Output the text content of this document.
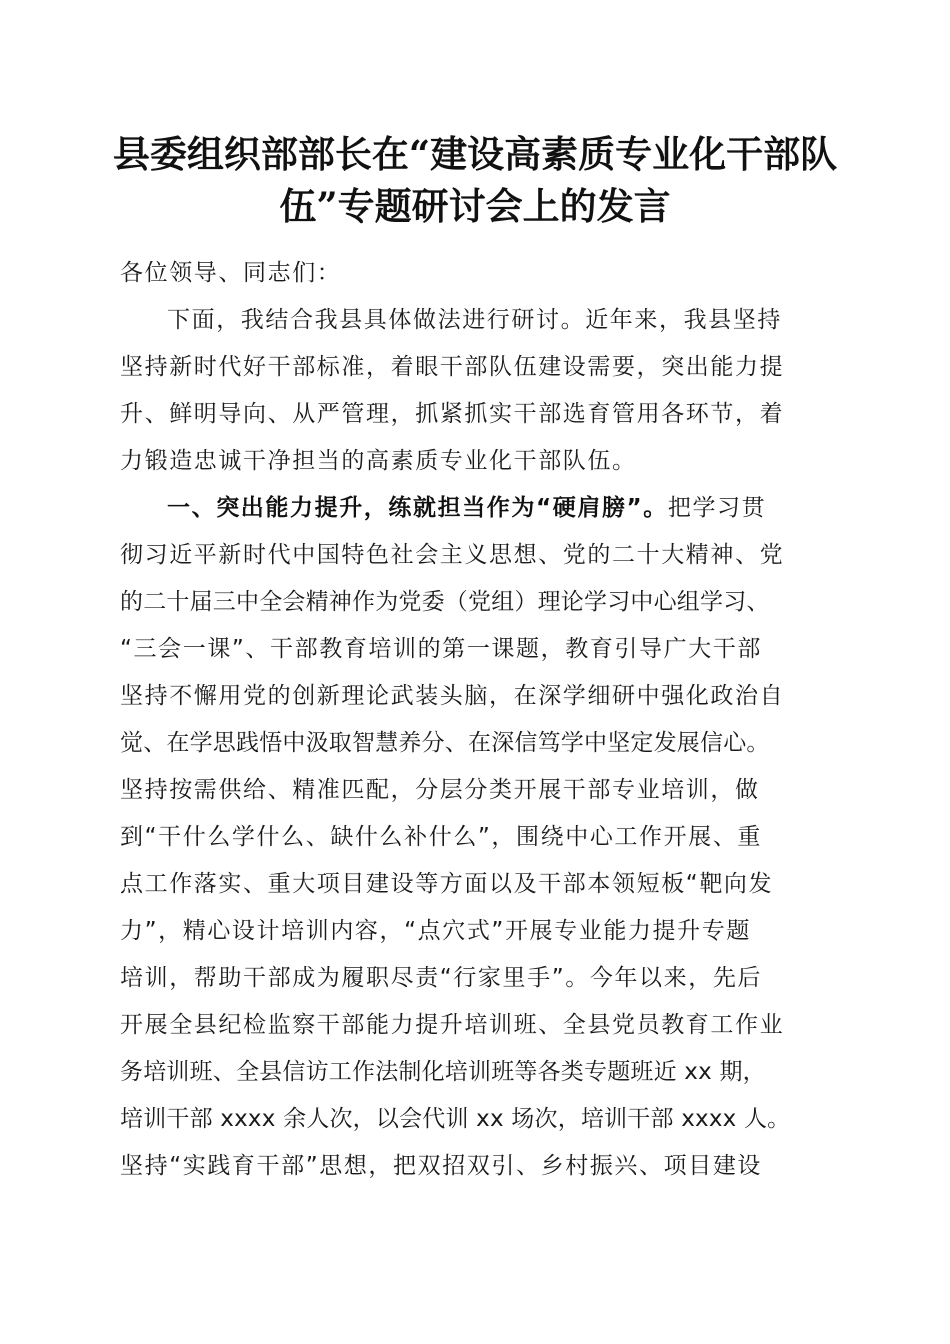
县委组织部部长在“建设高素质专业化干部队
伍”专题研讨会上的发言
各位领导、同志们：
下面，我结合我县具体做法进行研讨。近年来，我县坚持
坚持新时代好干部标准，着眼干部队伍建设需要，突出能力提
升、鲜明导向、从严管理，抓紧抓实干部选育管用各环节，着
力锻造忠诚干净担当的高素质专业化干部队伍。
一、突出能力提升，练就担当作为“硬肩膀”。把学习贯
彻习近平新时代中国特色社会主义思想、党的二十大精神、党
的二十届三中全会精神作为党委（党组）理论学习中心组学习、
“三会一课”、干部教育培训的第一课题，教育引导广大干部
坚持不懈用党的创新理论武装头脑，在深学细研中强化政治自
觉、在学思践悟中汲取智慧养分、在深信笃学中坚定发展信心。
坚持按需供给、精准匹配，分层分类开展干部专业培训，做
到“干什么学什么、缺什么补什么”，围绕中心工作开展、重
点工作落实、重大项目建设等方面以及干部本领短板“靶向发
力”，精心设计培训内容，“点穴式”开展专业能力提升专题
培训，帮助干部成为履职尽责“行家里手”。今年以来，先后
开展全县纪检监察干部能力提升培训班、全县党员教育工作业
务培训班、全县信访工作法制化培训班等各类专题班近 xx 期，
培训干部 xxxx 余人次，以会代训 xx 场次，培训干部 xxxx 人。
坚持“实践育干部”思想，把双招双引、乡村振兴、项目建设
